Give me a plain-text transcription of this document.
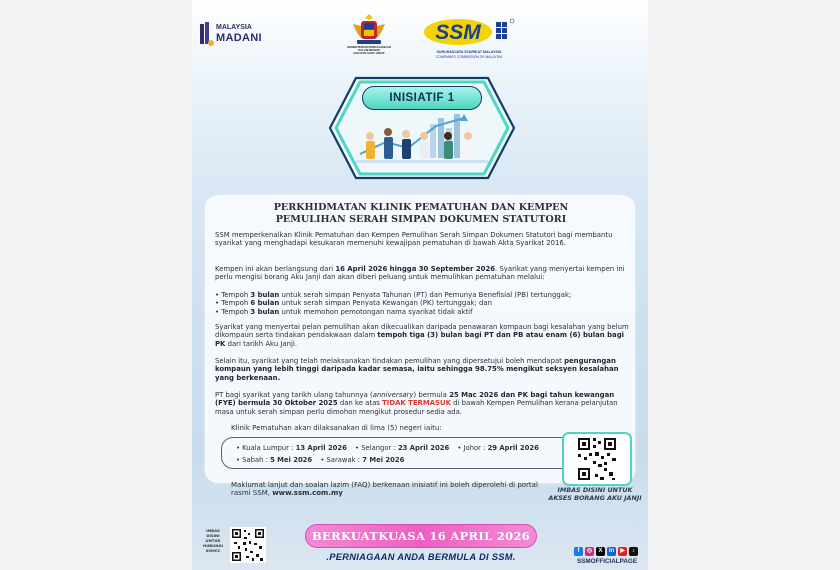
MALAYSIA
MADANI
KEMENTERIAN PERDAGANGAN DALAM NEGERI
DAN KOS SARA HIDUP
SSM
SURUHANJAYA SYARIKAT MALAYSIA
COMPANIES COMMISSION OF MALAYSIA
INISIATIF 1
PERKHIDMATAN KLINIK PEMATUHAN DAN KEMPEN
PEMULIHAN SERAH SIMPAN DOKUMEN STATUTORI
SSM memperkenalkan Klinik Pematuhan dan Kempen Pemulihan Serah Simpan Dokumen Statutori bagi membantu syarikat yang menghadapi kesukaran memenuhi kewajipan pematuhan di bawah Akta Syarikat 2016.
Kempen ini akan berlangsung dari 16 April 2026 hingga 30 September 2026. Syarikat yang menyertai kempen ini perlu mengisi borang Aku Janji dan akan diberi peluang untuk memulihkan pematuhan melalui:
• Tempoh 3 bulan untuk serah simpan Penyata Tahunan (PT) dan Pemunya Benefisial (PB) tertunggak;
• Tempoh 6 bulan untuk serah simpan Penyata Kewangan (PK) tertunggak; dan
• Tempoh 3 bulan untuk memohon pemotongan nama syarikat tidak aktif
Syarikat yang menyertai pelan pemulihan akan dikecualikan daripada penawaran kompaun bagi kesalahan yang belum dikompaun serta tindakan pendakwaan dalam tempoh tiga (3) bulan bagi PT dan PB atau enam (6) bulan bagi PK dari tarikh Aku Janji.
Selain itu, syarikat yang telah melaksanakan tindakan pemulihan yang dipersetujui boleh mendapat pengurangan kompaun yang lebih tinggi daripada kadar semasa, iaitu sehingga 98.75% mengikut seksyen kesalahan yang berkenaan.
PT bagi syarikat yang tarikh ulang tahunnya (anniversary) bermula 25 Mac 2026 dan PK bagi tahun kewangan (FYE) bermula 30 Oktober 2025 dan ke atas TIDAK TERMASUK di bawah Kempen Pemulihan kerana pelanjutan masa untuk serah simpan perlu dimohon mengikut prosedur sedia ada.
Klinik Pematuhan akan dilaksanakan di lima (5) negeri iaitu:
• Kuala Lumpur : 13 April 2026 • Selangor : 23 April 2026 • Johor : 29 April 2026
• Sabah : 5 Mei 2026 • Sarawak : 7 Mei 2026
Maklumat lanjut dan soalan lazim (FAQ) berkenaan inisiatif ini boleh diperolehi di portal rasmi SSM, www.ssm.com.my	IMBAS DISINI UNTUK
AKSES BORANG AKU JANJI
IMBAS DISINI UNTUK HUBUNGI SSMCC
BERKUATKUASA 16 APRIL 2026
.PERNIAGAAN ANDA BERMULA DI SSM.
f	◎	X	in	▶	♪
SSMOFFICIALPAGE
